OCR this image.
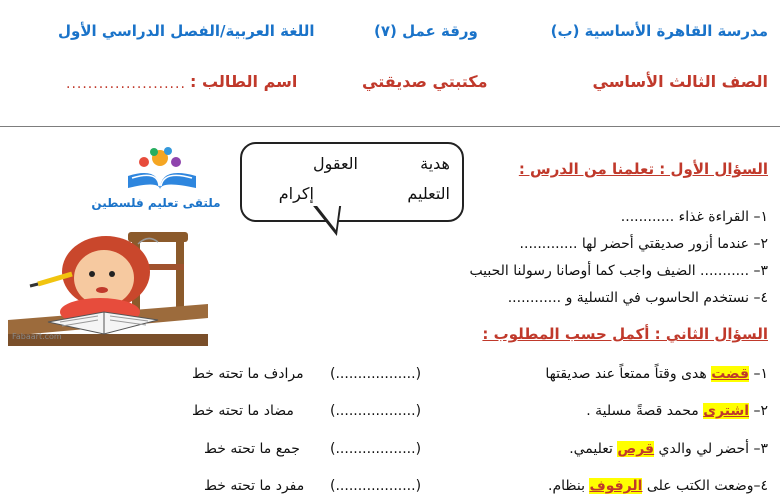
مدرسة القاهرة الأساسية (ب)
ورقة عمل (٧)
اللغة العربية/الفصل الدراسي الأول
الصف الثالث الأساسي
مكتبتي صديقتي
اسم الطالب :
......................
ملتقى تعليم فلسطين
Fabaart.com
هدية
العقول
التعليم
إكرام
السؤال الأول : تعلمنا من الدرس :
١– القراءة غذاء ............
٢– عندما أزور صديقتي أحضر لها .............
٣– ........... الضيف واجب كما أوصانا رسولنا الحبيب
٤– نستخدم الحاسوب في التسلية و ............
السؤال الثاني : أكمل حسب المطلوب :
١– قضت هدى وقتاً ممتعاً عند صديقتها
(..................)
مرادف ما تحته خط
٢– اشترى محمد قصةً مسلية .
(..................)
مضاد ما تحته خط
٣– أحضر لي والدي قرص تعليمي.
(..................)
جمع ما تحته خط
٤–وضعت الكتب على الرفوف بنظام.
(..................)
مفرد ما تحته خط
